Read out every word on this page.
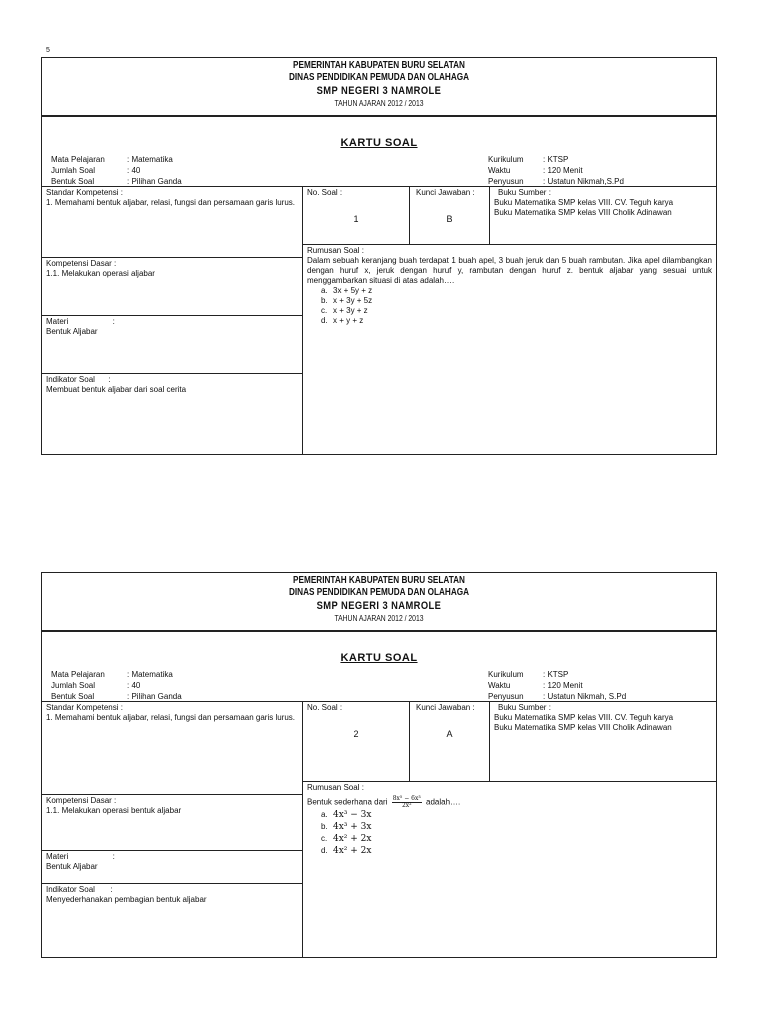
5
PEMERINTAH KABUPATEN BURU SELATAN
DINAS PENDIDIKAN PEMUDA DAN OLAHAGA
SMP NEGERI 3 NAMROLE
TAHUN AJARAN 2012 / 2013
KARTU SOAL
Mata Pelajaran	: Matematika
Jumlah Soal	: 40
Bentuk Soal	: Pilihan Ganda
Kurikulum : KTSP
Waktu	: 120 Menit
Penyusun : Ustatun Nikmah,S.Pd
Standar Kompetensi :
1. Memahami bentuk aljabar, relasi, fungsi dan persamaan garis lurus.
Kompetensi Dasar :
1.1. Melakukan operasi aljabar
Materi                    :
Bentuk Aljabar
Indikator Soal      :
Membuat bentuk aljabar dari soal cerita
No. Soal :
1
Kunci Jawaban :
B
Buku Sumber :
Buku Matematika SMP kelas VIII. CV. Teguh karya
Buku Matematika SMP kelas VIII Cholik Adinawan
Rumusan Soal :
Dalam sebuah keranjang buah terdapat 1 buah apel, 3 buah jeruk dan 5 buah rambutan. Jika apel dilambangkan dengan huruf x, jeruk dengan huruf y, rambutan dengan huruf z. bentuk aljabar yang sesuai untuk menggambarkan situasi di atas adalah….
a. 3x + 5y + z
b. x + 3y + 5z
c. x + 3y + z
d. x + y + z
PEMERINTAH KABUPATEN BURU SELATAN
DINAS PENDIDIKAN PEMUDA DAN OLAHAGA
SMP NEGERI 3 NAMROLE
TAHUN AJARAN 2012 / 2013
KARTU SOAL
Mata Pelajaran	: Matematika
Jumlah Soal	: 40
Bentuk Soal	: Pilihan Ganda
Kurikulum : KTSP
Waktu	: 120 Menit
Penyusun : Ustatun Nikmah, S.Pd
Standar Kompetensi :
1. Memahami bentuk aljabar, relasi, fungsi dan persamaan garis lurus.
Kompetensi Dasar :
1.1. Melakukan operasi bentuk aljabar
Materi                    :
Bentuk Aljabar
Indikator Soal       :
Menyederhanakan pembagian bentuk aljabar
No. Soal :
2
Kunci Jawaban :
A
Buku Sumber :
Buku Matematika SMP kelas VIII. CV. Teguh karya
Buku Matematika SMP kelas VIII Cholik Adinawan
Rumusan Soal :
Bentuk sederhana dari $\frac{\text{8x⁵ − 6x³}}{\text{2x²}}$ adalah….
a. 4x³ − 3x
b. 4x³ + 3x
c. 4x² + 2x
d. 4x² + 2x
